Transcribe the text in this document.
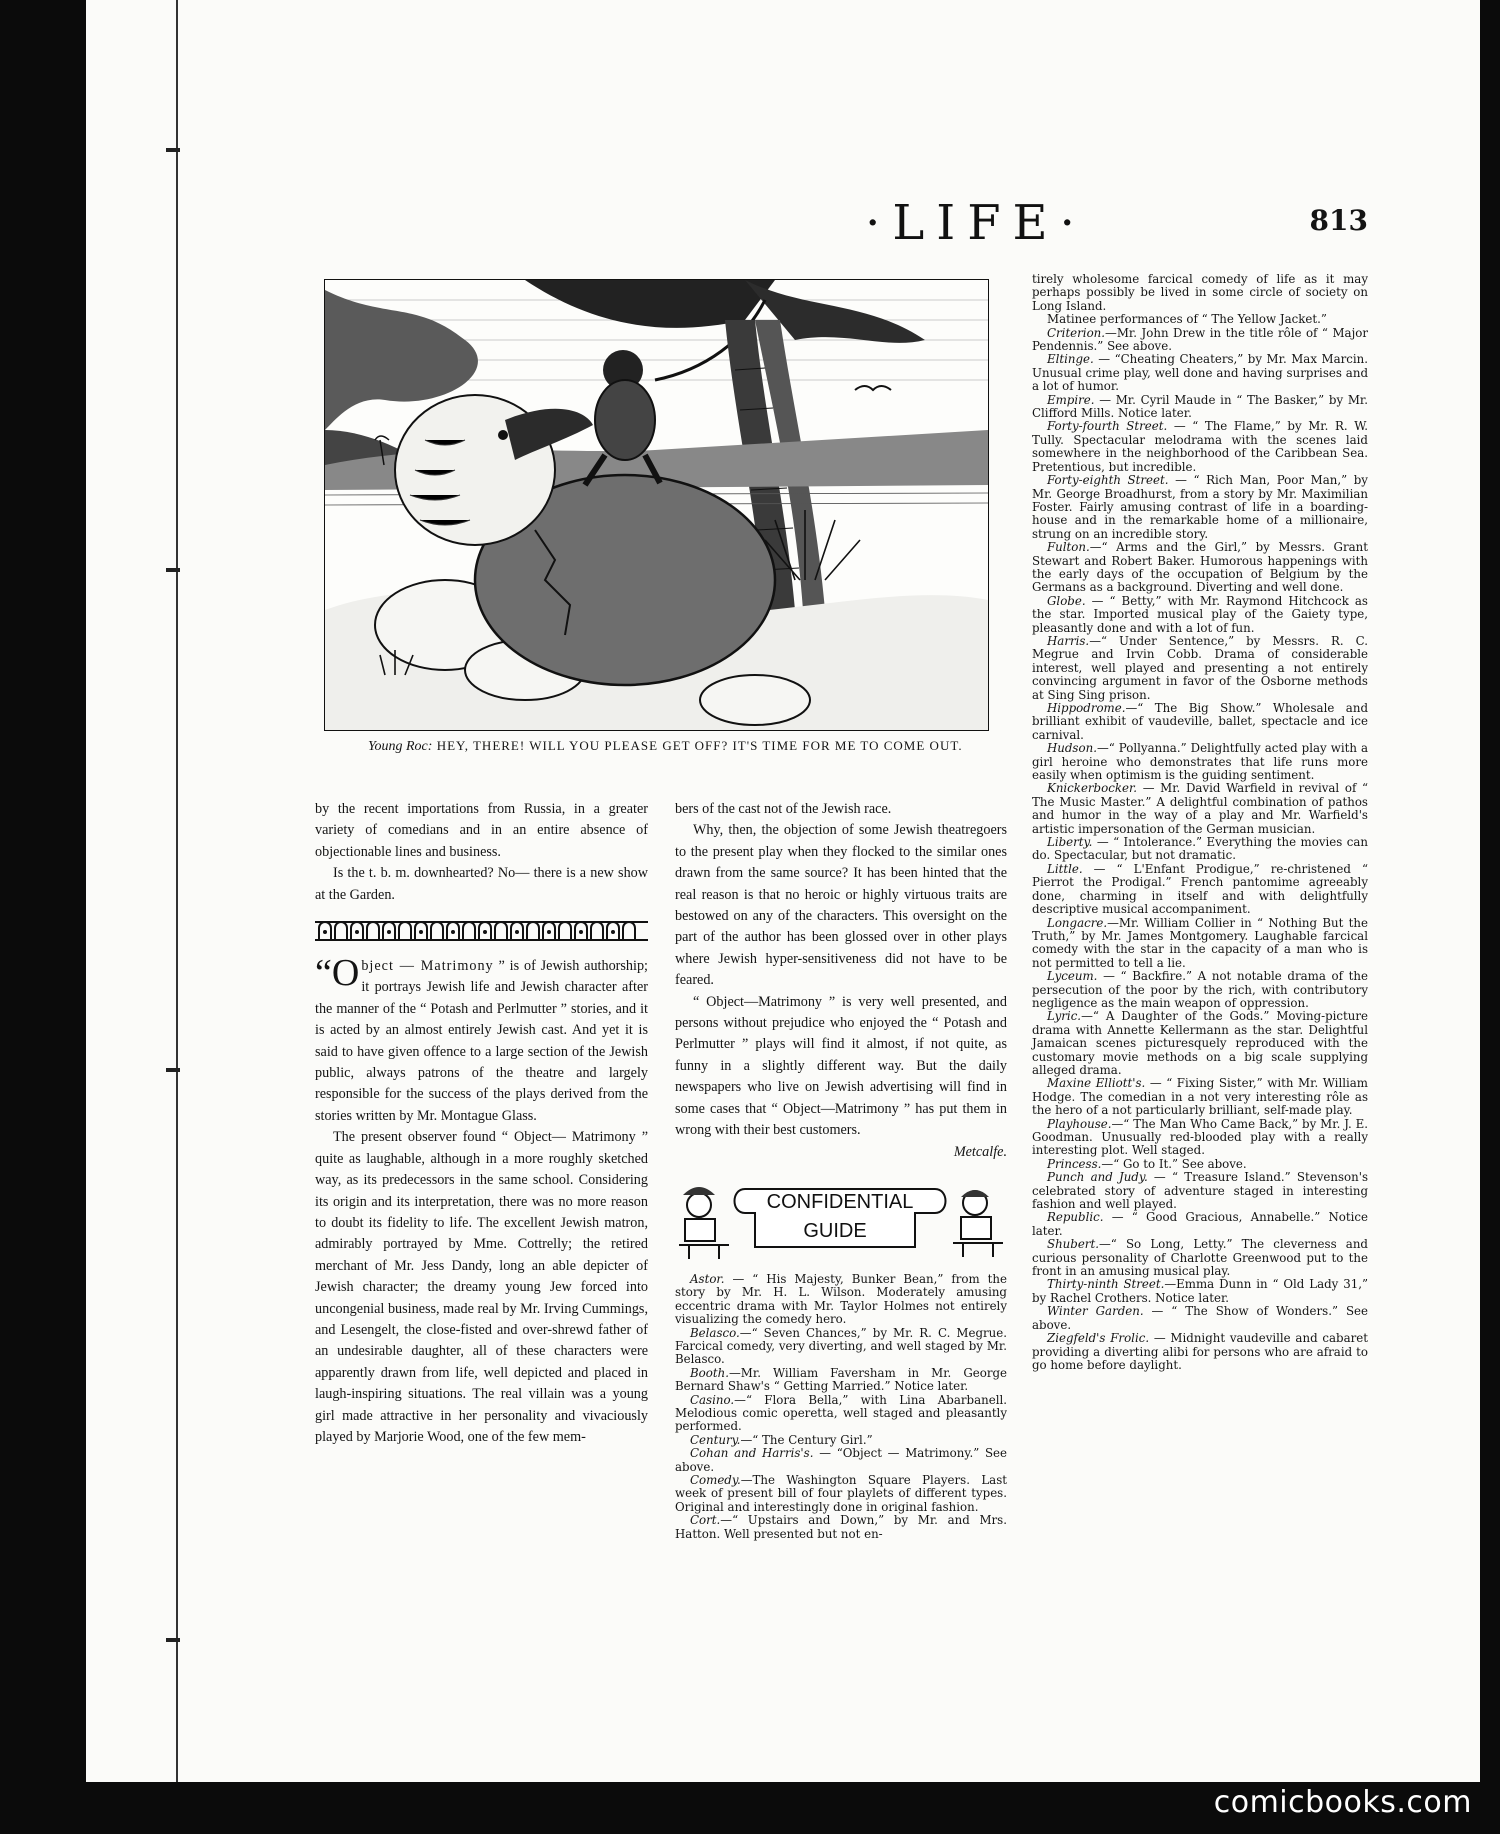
·LIFE·	813
Young Roc: HEY, THERE! WILL YOU PLEASE GET OFF? IT'S TIME FOR ME TO COME OUT.

by the recent importations from Russia, in a greater variety of comedians and in an entire absence of objectionable lines and business.

Is the t. b. m. downhearted? No— there is a new show at the Garden.

“Object — Matrimony ” is of Jewish authorship; it portrays Jewish life and Jewish character after the manner of the “ Potash and Perlmutter ” stories, and it is acted by an almost entirely Jewish cast. And yet it is said to have given offence to a large section of the Jewish public, always patrons of the theatre and largely responsible for the success of the plays derived from the stories written by Mr. Montague Glass.

The present observer found “ Object— Matrimony ” quite as laughable, although in a more roughly sketched way, as its predecessors in the same school. Considering its origin and its interpretation, there was no more reason to doubt its fidelity to life. The excellent Jewish matron, admirably portrayed by Mme. Cottrelly; the retired merchant of Mr. Jess Dandy, long an able depicter of Jewish character; the dreamy young Jew forced into uncongenial business, made real by Mr. Irving Cummings, and Lesengelt, the close-fisted and over-shrewd father of an undesirable daughter, all of these characters were apparently drawn from life, well depicted and placed in laugh-inspiring situations. The real villain was a young girl made attractive in her personality and vivaciously played by Marjorie Wood, one of the few mem-

bers of the cast not of the Jewish race.

Why, then, the objection of some Jewish theatregoers to the present play when they flocked to the similar ones drawn from the same source? It has been hinted that the real reason is that no heroic or highly virtuous traits are bestowed on any of the characters. This oversight on the part of the author has been glossed over in other plays where Jewish hyper-sensitiveness did not have to be feared.

“ Object—Matrimony ” is very well presented, and persons without prejudice who enjoyed the “ Potash and Perlmutter ” plays will find it almost, if not quite, as funny in a slightly different way. But the daily newspapers who live on Jewish advertising will find in some cases that “ Object—Matrimony ” has put them in wrong with their best customers.

Metcalfe.

CONFIDENTIAL
GUIDE

Astor. — “ His Majesty, Bunker Bean,” from the story by Mr. H. L. Wilson. Moderately amusing eccentric drama with Mr. Taylor Holmes not entirely visualizing the comedy hero.

Belasco.—“ Seven Chances,” by Mr. R. C. Megrue. Farcical comedy, very diverting, and well staged by Mr. Belasco.

Booth.—Mr. William Faversham in Mr. George Bernard Shaw's “ Getting Married.” Notice later.

Casino.—“ Flora Bella,” with Lina Abarbanell. Melodious comic operetta, well staged and pleasantly performed.

Century.—“ The Century Girl.”

Cohan and Harris's. — “Object — Matrimony.” See above.

Comedy.—The Washington Square Players. Last week of present bill of four playlets of different types. Original and interestingly done in original fashion.

Cort.—“ Upstairs and Down,” by Mr. and Mrs. Hatton. Well presented but not en-

tirely wholesome farcical comedy of life as it may perhaps possibly be lived in some circle of society on Long Island.

Matinee performances of “ The Yellow Jacket.”

Criterion.—Mr. John Drew in the title rôle of “ Major Pendennis.” See above.

Eltinge. — “Cheating Cheaters,” by Mr. Max Marcin. Unusual crime play, well done and having surprises and a lot of humor.

Empire. — Mr. Cyril Maude in “ The Basker,” by Mr. Clifford Mills. Notice later.

Forty-fourth Street. — “ The Flame,” by Mr. R. W. Tully. Spectacular melodrama with the scenes laid somewhere in the neighborhood of the Caribbean Sea. Pretentious, but incredible.

Forty-eighth Street. — “ Rich Man, Poor Man,” by Mr. George Broadhurst, from a story by Mr. Maximilian Foster. Fairly amusing contrast of life in a boarding-house and in the remarkable home of a millionaire, strung on an incredible story.

Fulton.—“ Arms and the Girl,” by Messrs. Grant Stewart and Robert Baker. Humorous happenings with the early days of the occupation of Belgium by the Germans as a background. Diverting and well done.

Globe. — “ Betty,” with Mr. Raymond Hitchcock as the star. Imported musical play of the Gaiety type, pleasantly done and with a lot of fun.

Harris.—“ Under Sentence,” by Messrs. R. C. Megrue and Irvin Cobb. Drama of considerable interest, well played and presenting a not entirely convincing argument in favor of the Osborne methods at Sing Sing prison.

Hippodrome.—“ The Big Show.” Wholesale and brilliant exhibit of vaudeville, ballet, spectacle and ice carnival.

Hudson.—“ Pollyanna.” Delightfully acted play with a girl heroine who demonstrates that life runs more easily when optimism is the guiding sentiment.

Knickerbocker. — Mr. David Warfield in revival of “ The Music Master.” A delightful combination of pathos and humor in the way of a play and Mr. Warfield's artistic impersonation of the German musician.

Liberty. — “ Intolerance.” Everything the movies can do. Spectacular, but not dramatic.

Little. — “ L'Enfant Prodigue,” re-christened “ Pierrot the Prodigal.” French pantomime agreeably done, charming in itself and with delightfully descriptive musical accompaniment.

Longacre.—Mr. William Collier in “ Nothing But the Truth,” by Mr. James Montgomery. Laughable farcical comedy with the star in the capacity of a man who is not permitted to tell a lie.

Lyceum. — “ Backfire.” A not notable drama of the persecution of the poor by the rich, with contributory negligence as the main weapon of oppression.

Lyric.—“ A Daughter of the Gods.” Moving-picture drama with Annette Kellermann as the star. Delightful Jamaican scenes picturesquely reproduced with the customary movie methods on a big scale supplying alleged drama.

Maxine Elliott's. — “ Fixing Sister,” with Mr. William Hodge. The comedian in a not very interesting rôle as the hero of a not particularly brilliant, self-made play.

Playhouse.—“ The Man Who Came Back,” by Mr. J. E. Goodman. Unusually red-blooded play with a really interesting plot. Well staged.

Princess.—“ Go to It.” See above.

Punch and Judy. — “ Treasure Island.” Stevenson's celebrated story of adventure staged in interesting fashion and well played.

Republic. — “ Good Gracious, Annabelle.” Notice later.

Shubert.—“ So Long, Letty.” The cleverness and curious personality of Charlotte Greenwood put to the front in an amusing musical play.

Thirty-ninth Street.—Emma Dunn in “ Old Lady 31,” by Rachel Crothers. Notice later.

Winter Garden. — “ The Show of Wonders.” See above.

Ziegfeld's Frolic. — Midnight vaudeville and cabaret providing a diverting alibi for persons who are afraid to go home before daylight.

comicbooks.com
